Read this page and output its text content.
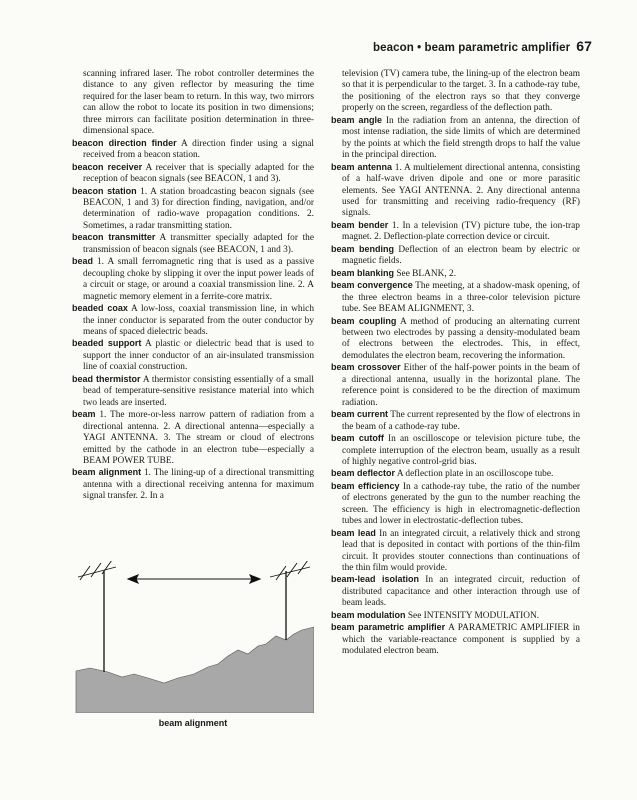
beacon • beam parametric amplifier 67

scanning infrared laser. The robot controller determines the distance to any given reflector by measuring the time required for the laser beam to return. In this way, two mirrors can allow the robot to locate its position in two dimensions; three mirrors can facilitate position determination in three-dimensional space.

beacon direction finder A direction finder using a signal received from a beacon station.

beacon receiver A receiver that is specially adapted for the reception of beacon signals (see BEACON, 1 and 3).

beacon station 1. A station broadcasting beacon signals (see BEACON, 1 and 3) for direction finding, navigation, and/or determination of radio-wave propagation conditions. 2. Sometimes, a radar transmitting station.

beacon transmitter A transmitter specially adapted for the transmission of beacon signals (see BEACON, 1 and 3).

bead 1. A small ferromagnetic ring that is used as a passive decoupling choke by slipping it over the input power leads of a circuit or stage, or around a coaxial transmission line. 2. A magnetic memory element in a ferrite-core matrix.

beaded coax A low-loss, coaxial transmission line, in which the inner conductor is separated from the outer conductor by means of spaced dielectric beads.

beaded support A plastic or dielectric bead that is used to support the inner conductor of an air-insulated transmission line of coaxial construction.

bead thermistor A thermistor consisting essentially of a small bead of temperature-sensitive resistance material into which two leads are inserted.

beam 1. The more-or-less narrow pattern of radiation from a directional antenna. 2. A directional antenna—especially a YAGI ANTENNA. 3. The stream or cloud of electrons emitted by the cathode in an electron tube—especially a BEAM POWER TUBE.

beam alignment 1. The lining-up of a directional transmitting antenna with a directional receiving antenna for maximum signal transfer. 2. In a

television (TV) camera tube, the lining-up of the electron beam so that it is perpendicular to the target. 3. In a cathode-ray tube, the positioning of the electron rays so that they converge properly on the screen, regardless of the deflection path.

beam angle In the radiation from an antenna, the direction of most intense radiation, the side limits of which are determined by the points at which the field strength drops to half the value in the principal direction.

beam antenna 1. A multielement directional antenna, consisting of a half-wave driven dipole and one or more parasitic elements. See YAGI ANTENNA. 2. Any directional antenna used for transmitting and receiving radio-frequency (RF) signals.

beam bender 1. In a television (TV) picture tube, the ion-trap magnet. 2. Deflection-plate correction device or circuit.

beam bending Deflection of an electron beam by electric or magnetic fields.

beam blanking See BLANK, 2.

beam convergence The meeting, at a shadow-mask opening, of the three electron beams in a three-color television picture tube. See BEAM ALIGNMENT, 3.

beam coupling A method of producing an alternating current between two electrodes by passing a density-modulated beam of electrons between the electrodes. This, in effect, demodulates the electron beam, recovering the information.

beam crossover Either of the half-power points in the beam of a directional antenna, usually in the horizontal plane. The reference point is considered to be the direction of maximum radiation.

beam current The current represented by the flow of electrons in the beam of a cathode-ray tube.

beam cutoff In an oscilloscope or television picture tube, the complete interruption of the electron beam, usually as a result of highly negative control-grid bias.

beam deflector A deflection plate in an oscilloscope tube.

beam efficiency In a cathode-ray tube, the ratio of the number of electrons generated by the gun to the number reaching the screen. The efficiency is high in electromagnetic-deflection tubes and lower in electrostatic-deflection tubes.

beam lead In an integrated circuit, a relatively thick and strong lead that is deposited in contact with portions of the thin-film circuit. It provides stouter connections than continuations of the thin film would provide.

beam-lead isolation In an integrated circuit, reduction of distributed capacitance and other interaction through use of beam leads.

beam modulation See INTENSITY MODULATION.

beam parametric amplifier A PARAMETRIC AMPLIFIER in which the variable-reactance component is supplied by a modulated electron beam.

beam alignment
